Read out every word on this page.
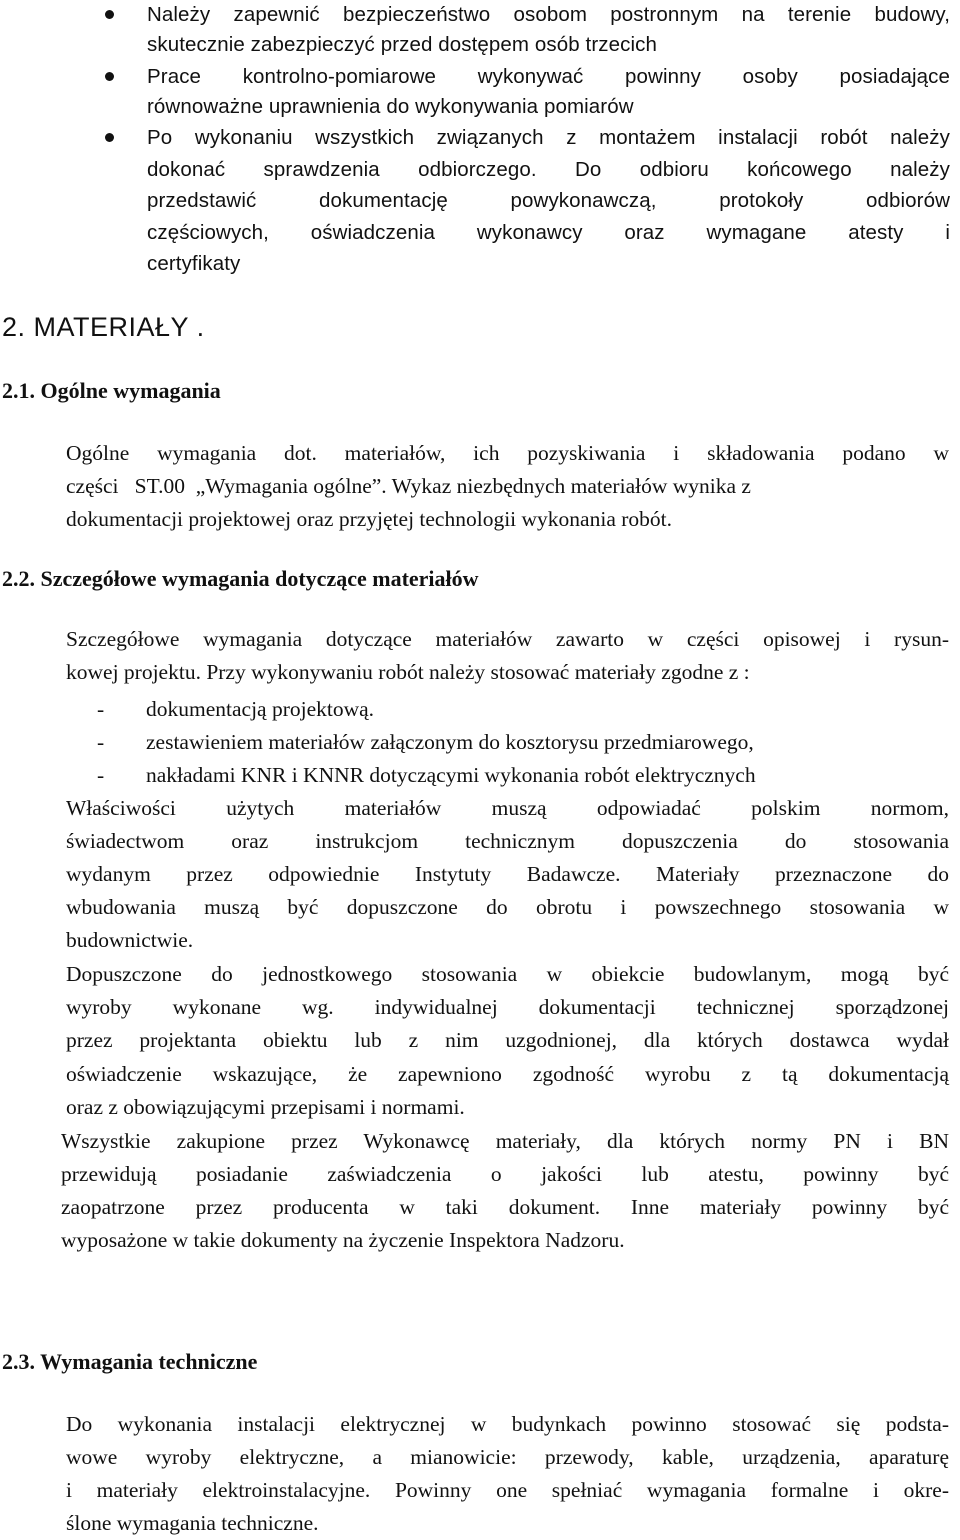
Należy zapewnić bezpieczeństwo osobom postronnym na terenie budowy,
skutecznie zabezpieczyć przed dostępem osób trzecich
Prace kontrolno-pomiarowe wykonywać powinny osoby posiadające
równoważne uprawnienia do wykonywania pomiarów
Po wykonaniu wszystkich związanych z montażem instalacji robót należy
dokonać sprawdzenia odbiorczego. Do odbioru końcowego należy
przedstawić dokumentację powykonawczą, protokoły odbiorów
częściowych, oświadczenia wykonawcy oraz wymagane atesty i
certyfikaty
2. MATERIAŁY .
2.1. Ogólne wymagania
Ogólne wymagania dot. materiałów, ich pozyskiwania i składowania podano w
części   ST.00  „Wymagania ogólne”. Wykaz niezbędnych materiałów wynika z
dokumentacji projektowej oraz przyjętej technologii wykonania robót.
2.2. Szczegółowe wymagania dotyczące materiałów
Szczegółowe wymagania dotyczące materiałów zawarto w części opisowej i rysun-
kowej projektu. Przy wykonywaniu robót należy stosować materiały zgodne z :
- dokumentacją projektową.
- zestawieniem materiałów załączonym do kosztorysu przedmiarowego,
- nakładami KNR i KNNR dotyczącymi wykonania robót elektrycznych
Właściwości użytych materiałów muszą odpowiadać polskim normom,
świadectwom oraz instrukcjom technicznym dopuszczenia do stosowania
wydanym przez odpowiednie Instytuty Badawcze. Materiały przeznaczone do
wbudowania muszą być dopuszczone do obrotu i powszechnego stosowania w
budownictwie.
Dopuszczone do jednostkowego stosowania w obiekcie budowlanym, mogą być
wyroby wykonane wg. indywidualnej dokumentacji technicznej sporządzonej
przez projektanta obiektu lub z nim uzgodnionej, dla których dostawca wydał
oświadczenie wskazujące, że zapewniono zgodność wyrobu z tą dokumentacją
oraz z obowiązującymi przepisami i normami.
Wszystkie zakupione przez Wykonawcę materiały, dla których normy PN i BN
przewidują posiadanie zaświadczenia o jakości lub atestu, powinny być
zaopatrzone przez producenta w taki dokument. Inne materiały powinny być
wyposażone w takie dokumenty na życzenie Inspektora Nadzoru.
2.3. Wymagania techniczne
Do wykonania instalacji elektrycznej w budynkach powinno stosować się podsta-
wowe wyroby elektryczne, a mianowicie: przewody, kable, urządzenia, aparaturę
i materiały elektroinstalacyjne. Powinny one spełniać wymagania formalne i okre-
ślone wymagania techniczne.
